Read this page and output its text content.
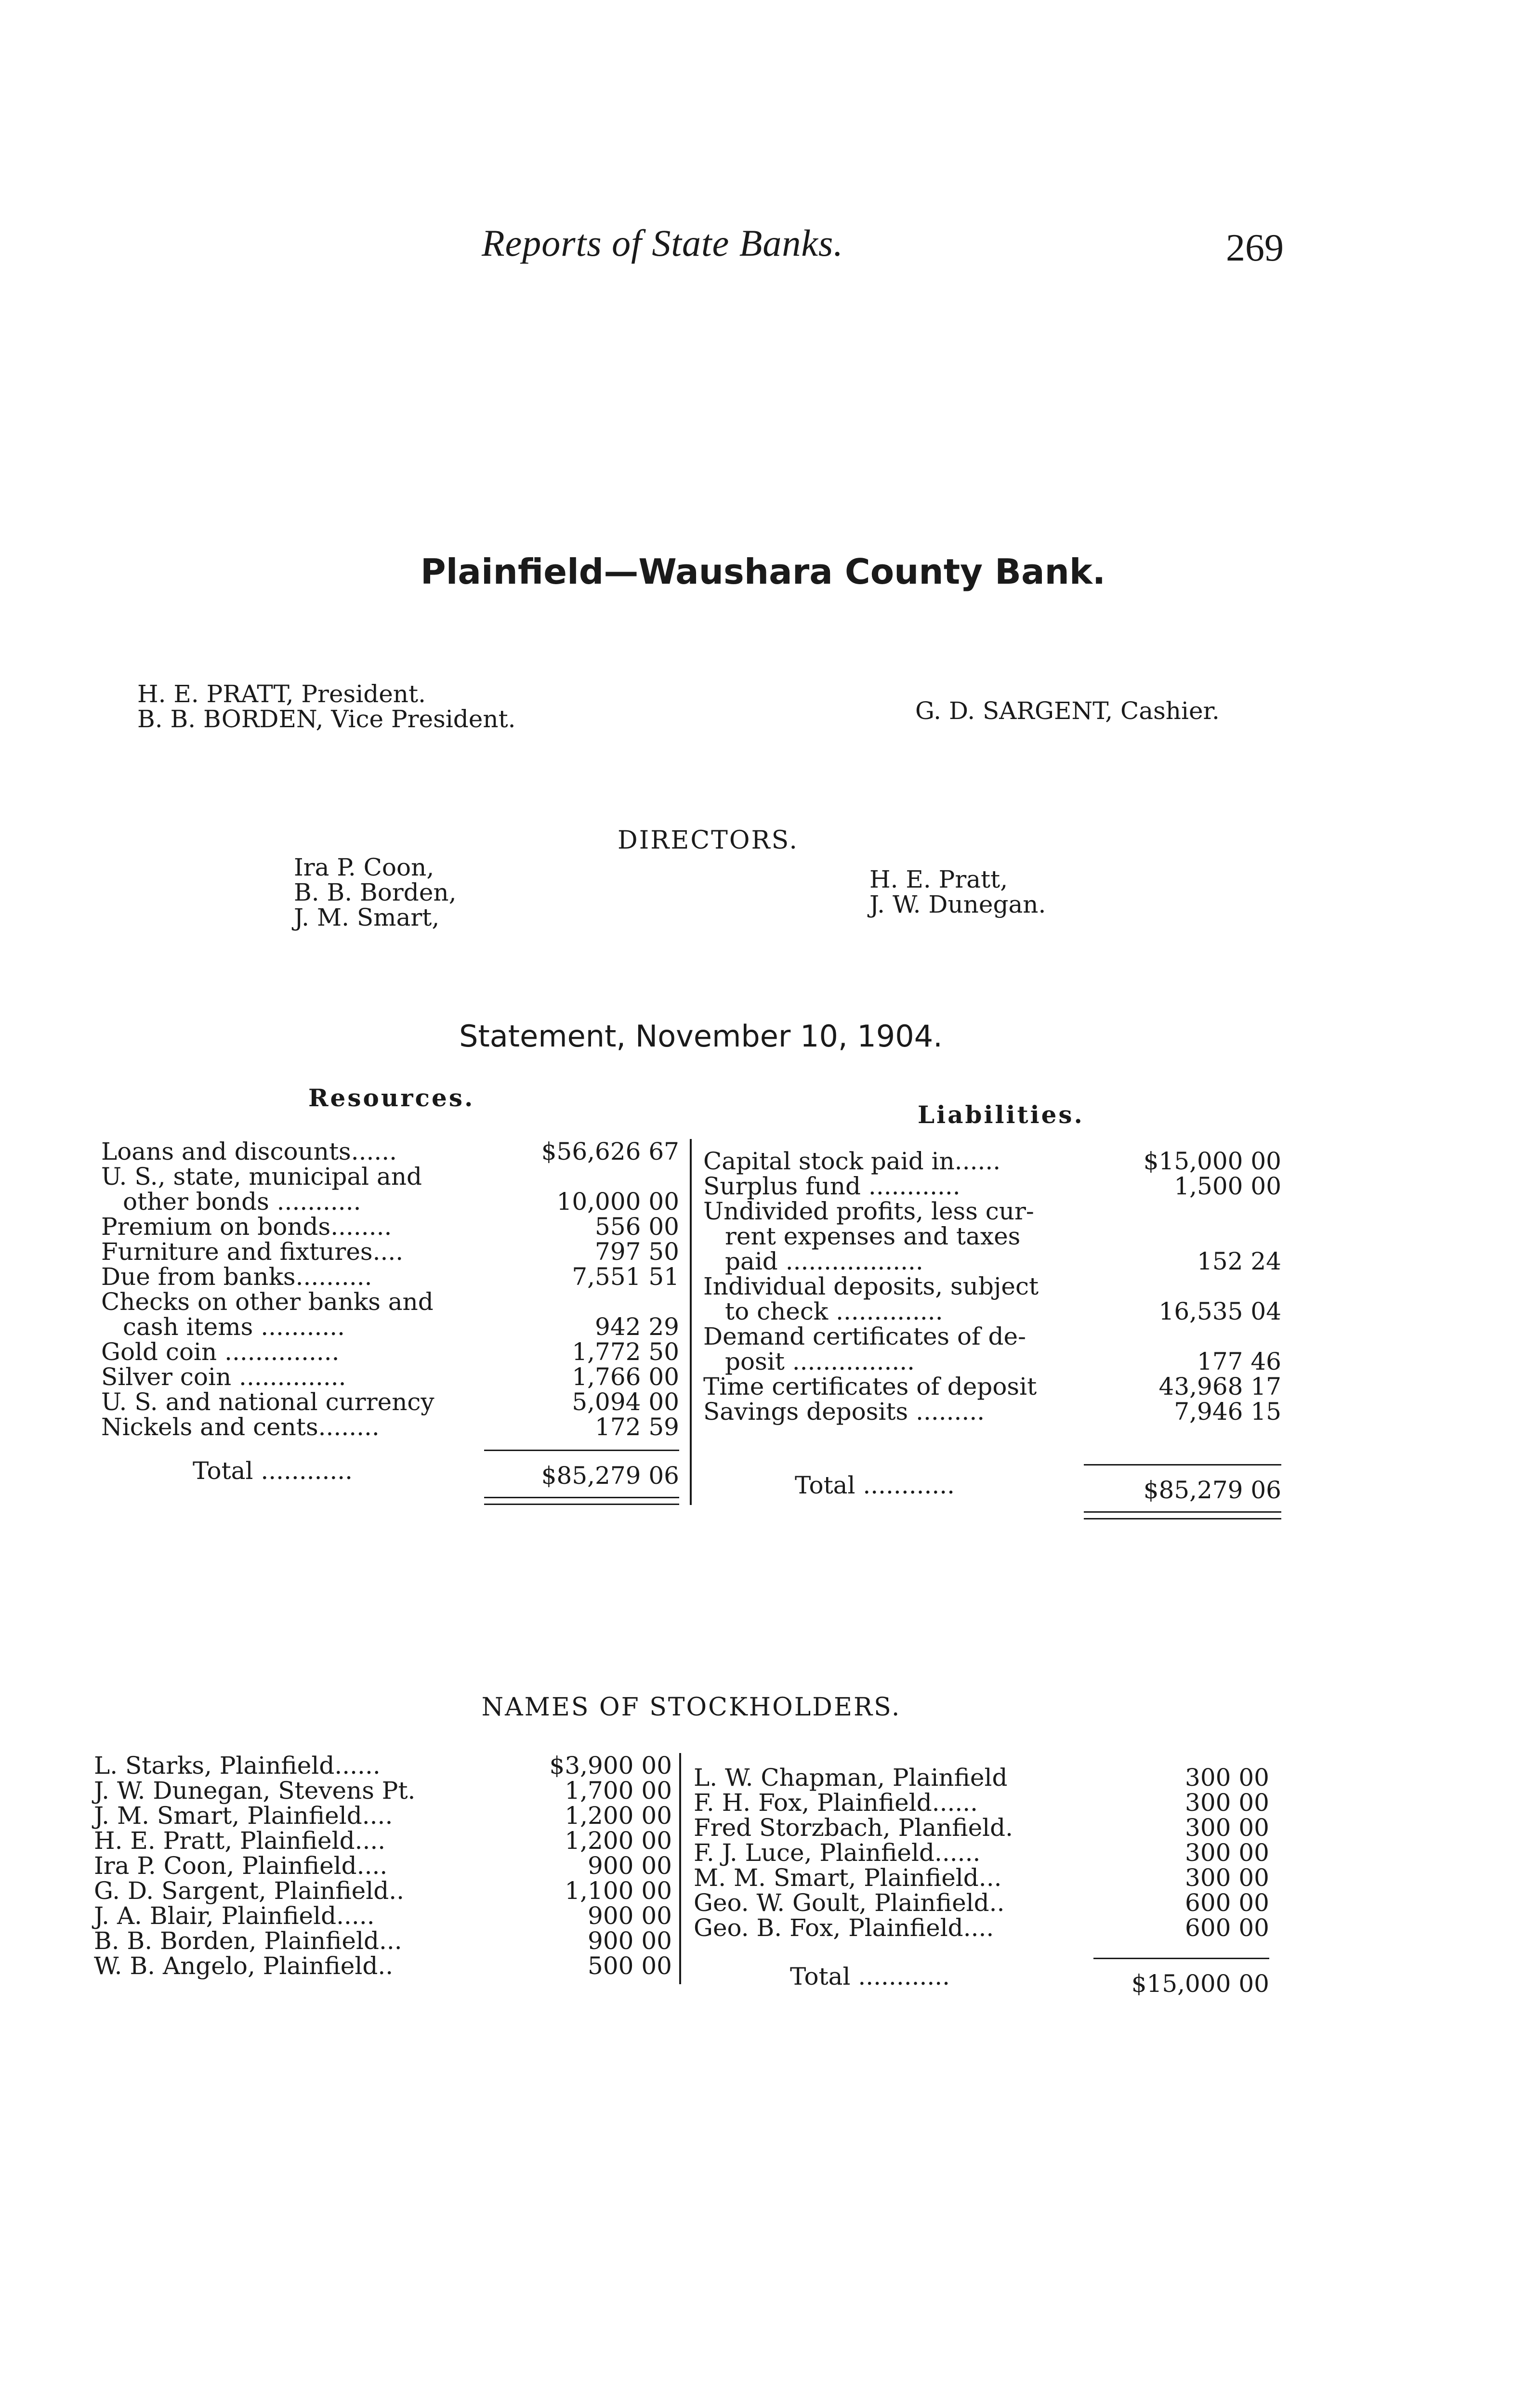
Reports of State Banks.	269
Plainfield—Waushara County Bank.
H. E. PRATT, President.
B. B. BORDEN, Vice President.	G. D. SARGENT, Cashier.
DIRECTORS.
Ira P. Coon,
B. B. Borden,
J. M. Smart,
H. E. Pratt,
J. W. Dunegan.
Statement, November 10, 1904.
Resources.
Liabilities.
Loans and discounts......	$56,626 67
U. S., state, municipal and
other bonds ...........	10,000 00
Premium on bonds........	556 00
Furniture and fixtures....	797 50
Due from banks..........	7,551 51
Checks on other banks and
cash items ...........	942 29
Gold coin ...............	1,772 50
Silver coin ..............	1,766 00
U. S. and national currency	5,094 00
Nickels and cents........	172 59
Total ............	$85,279 06
Capital stock paid in......	$15,000 00
Surplus fund ............	1,500 00
Undivided profits, less cur-
rent expenses and taxes
paid ..................	152 24
Individual deposits, subject
to check ..............	16,535 04
Demand certificates of de-
posit ................	177 46
Time certificates of deposit	43,968 17
Savings deposits .........	7,946 15
Total ............	$85,279 06
NAMES OF STOCKHOLDERS.
L. Starks, Plainfield......	$3,900 00
J. W. Dunegan, Stevens Pt.	1,700 00
J. M. Smart, Plainfield....	1,200 00
H. E. Pratt, Plainfield....	1,200 00
Ira P. Coon, Plainfield....	900 00
G. D. Sargent, Plainfield..	1,100 00
J. A. Blair, Plainfield.....	900 00
B. B. Borden, Plainfield...	900 00
W. B. Angelo, Plainfield..	500 00
L. W. Chapman, Plainfield	300 00
F. H. Fox, Plainfield......	300 00
Fred Storzbach, Planfield.	300 00
F. J. Luce, Plainfield......	300 00
M. M. Smart, Plainfield...	300 00
Geo. W. Goult, Plainfield..	600 00
Geo. B. Fox, Plainfield....	600 00
Total ............	$15,000 00
